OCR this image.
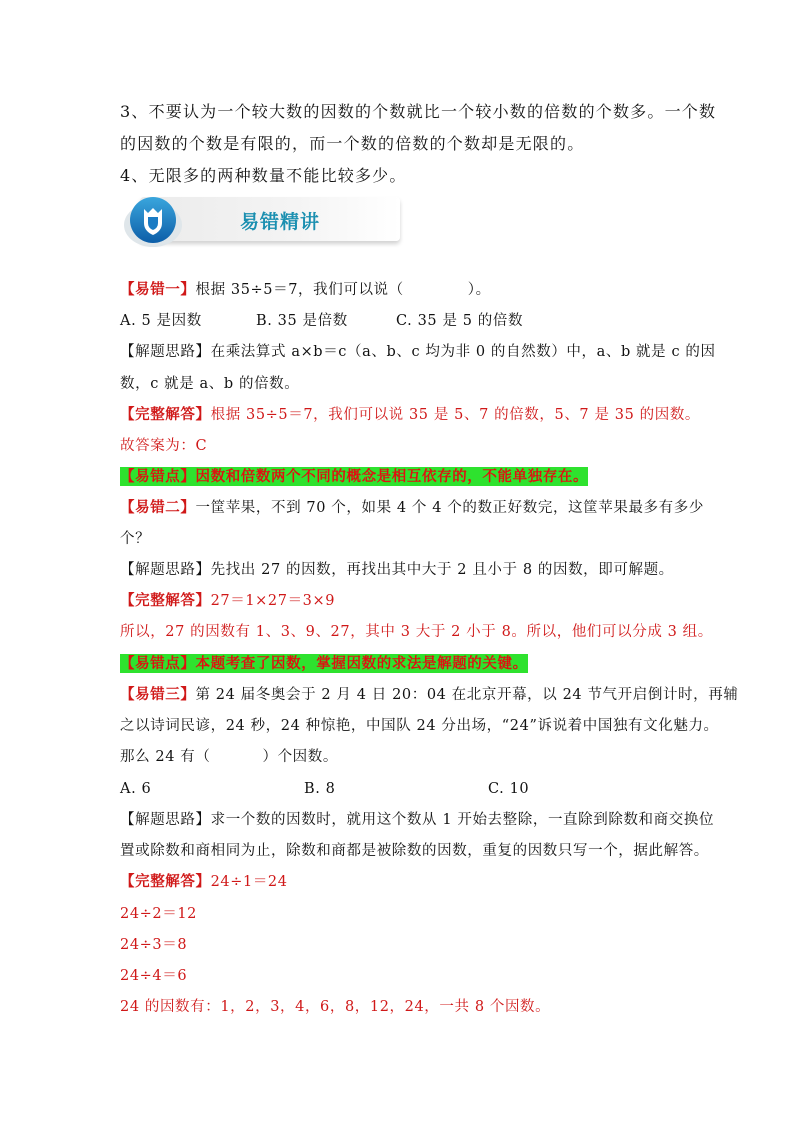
3、不要认为一个较大数的因数的个数就比一个较小数的倍数的个数多。一个数
的因数的个数是有限的，而一个数的倍数的个数却是无限的。
4、无限多的两种数量不能比较多少。
易错精讲
【易错一】根据 35÷5＝7，我们可以说（	）。
A. 5 是因数	B. 35 是倍数	C. 35 是 5 的倍数
【解题思路】在乘法算式 a×b＝c（a、b、c 均为非 0 的自然数）中，a、b 就是 c 的因
数，c 就是 a、b 的倍数。
【完整解答】根据 35÷5＝7，我们可以说 35 是 5、7 的倍数，5、7 是 35 的因数。
故答案为：C
【易错点】因数和倍数两个不同的概念是相互依存的，不能单独存在。
【易错二】一筐苹果，不到 70 个，如果 4 个 4 个的数正好数完，这筐苹果最多有多少
个？
【解题思路】先找出 27 的因数，再找出其中大于 2 且小于 8 的因数，即可解题。
【完整解答】27＝1×27＝3×9
所以，27 的因数有 1、3、9、27，其中 3 大于 2 小于 8。所以，他们可以分成 3 组。
【易错点】本题考查了因数，掌握因数的求法是解题的关键。
【易错三】第 24 届冬奥会于 2 月 4 日 20：04 在北京开幕，以 24 节气开启倒计时，再辅
之以诗词民谚，24 秒，24 种惊艳，中国队 24 分出场，“24”诉说着中国独有文化魅力。
那么 24 有（	）个因数。
A. 6	B. 8	C. 10
【解题思路】求一个数的因数时，就用这个数从 1 开始去整除，一直除到除数和商交换位
置或除数和商相同为止，除数和商都是被除数的因数，重复的因数只写一个，据此解答。
【完整解答】24÷1＝24
24÷2＝12
24÷3＝8
24÷4＝6
24 的因数有：1，2，3，4，6，8，12，24，一共 8 个因数。
